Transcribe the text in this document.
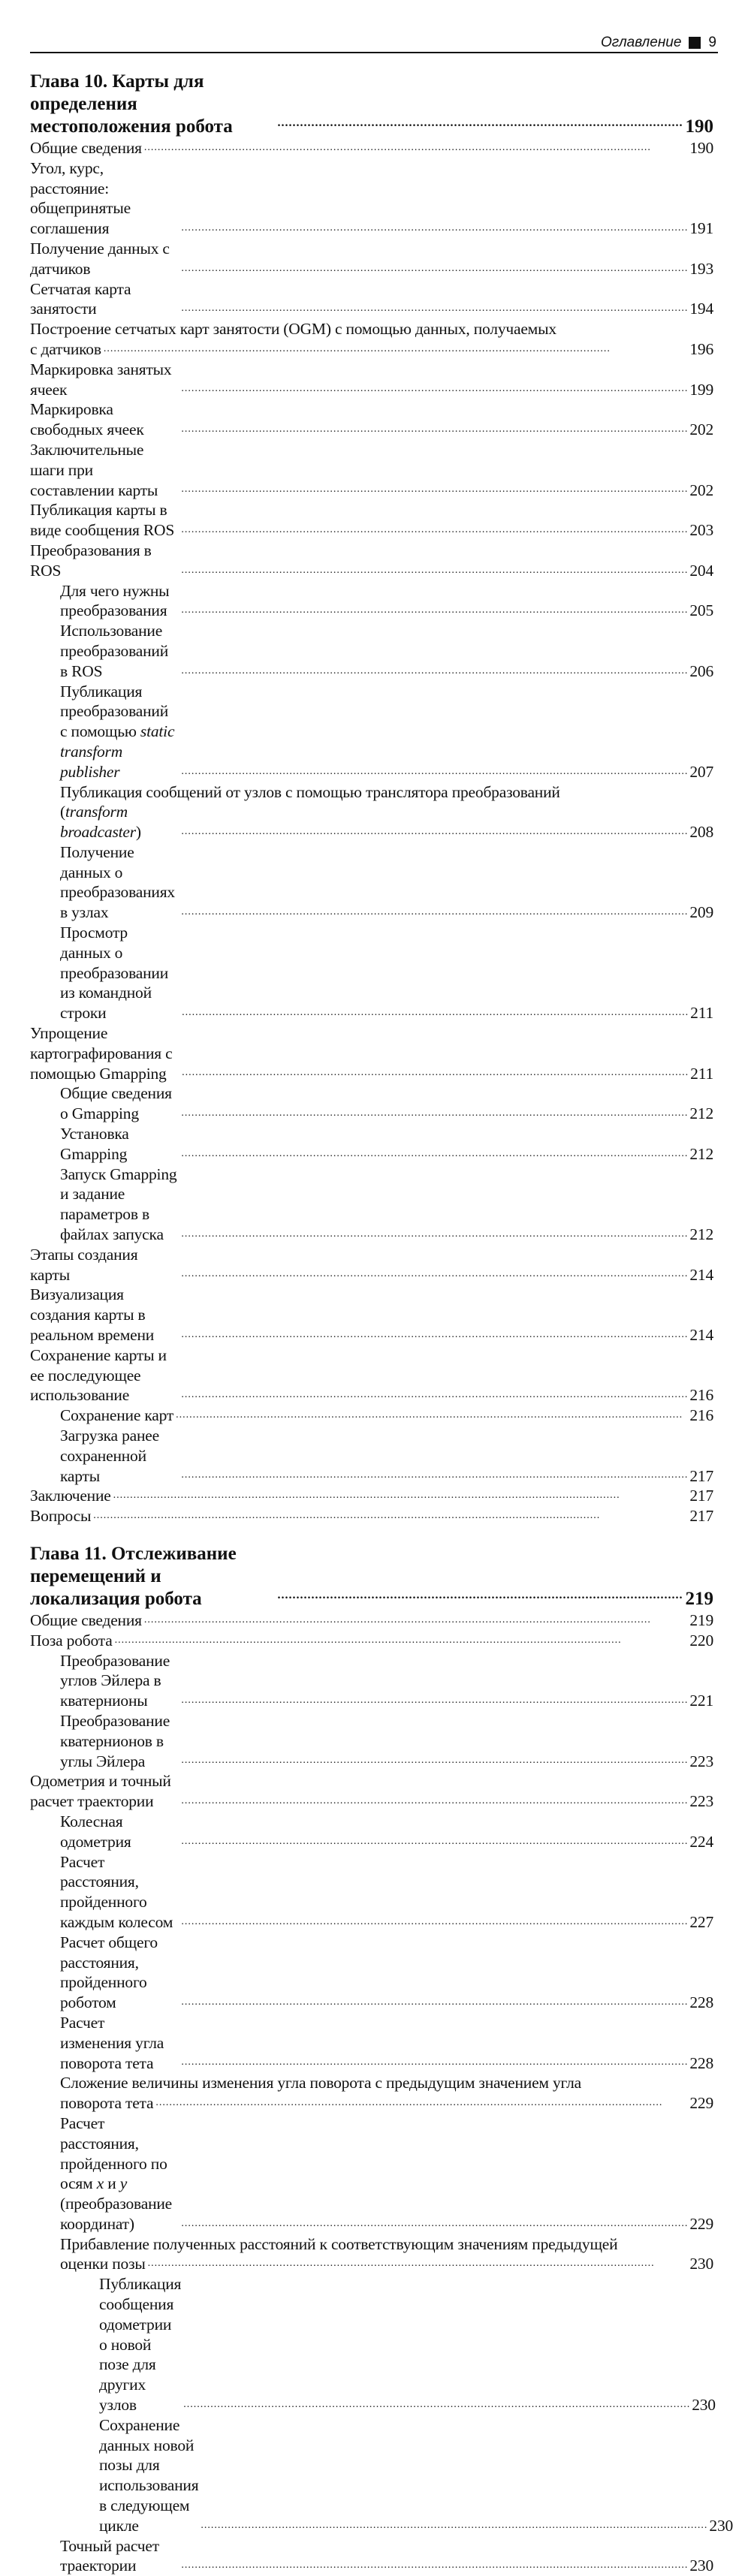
Оглавление 9
Глава 10. Карты для определения местоположения робота	............................................................................................................ 190
Общие сведения ......................................................................................................................................................	190
Угол, курс, расстояние: общепринятые соглашения	...................................................................................................................................................... 191
Получение данных с датчиков	...................................................................................................................................................... 193
Сетчатая карта занятости	...................................................................................................................................................... 194
Построение сетчатых карт занятости (OGM) с помощью данных, получаемых
с датчиков ......................................................................................................................................................	196
Маркировка занятых ячеек	...................................................................................................................................................... 199
Маркировка свободных ячеек	...................................................................................................................................................... 202
Заключительные шаги при составлении карты	...................................................................................................................................................... 202
Публикация карты в виде сообщения ROS ...................................................................................................................................................... 203
Преобразования в ROS	...................................................................................................................................................... 204
Для чего нужны преобразования	...................................................................................................................................................... 205
Использование преобразований в ROS	...................................................................................................................................................... 206
Публикация преобразований с помощью static transform publisher	...................................................................................................................................................... 207
Публикация сообщений от узлов с помощью транслятора преобразований
(transform broadcaster)	...................................................................................................................................................... 208
Получение данных о преобразованиях в узлах	...................................................................................................................................................... 209
Просмотр данных о преобразовании из командной строки	...................................................................................................................................................... 211
Упрощение картографирования с помощью Gmapping	...................................................................................................................................................... 211
Общие сведения о Gmapping	...................................................................................................................................................... 212
Установка Gmapping	...................................................................................................................................................... 212
Запуск Gmapping и задание параметров в файлах запуска	...................................................................................................................................................... 212
Этапы создания карты	...................................................................................................................................................... 214
Визуализация создания карты в реальном времени	...................................................................................................................................................... 214
Сохранение карты и ее последующее использование	...................................................................................................................................................... 216
Сохранение карт ...................................................................................................................................................... 216
Загрузка ранее сохраненной карты	...................................................................................................................................................... 217
Заключение ......................................................................................................................................................	217
Вопросы ......................................................................................................................................................	217
Глава 11. Отслеживание перемещений и локализация робота	............................................................................................................ 219
Общие сведения ......................................................................................................................................................	219
Поза робота ......................................................................................................................................................	220
Преобразование углов Эйлера в кватернионы	...................................................................................................................................................... 221
Преобразование кватернионов в углы Эйлера	...................................................................................................................................................... 223
Одометрия и точный расчет траектории	...................................................................................................................................................... 223
Колесная одометрия	...................................................................................................................................................... 224
Расчет расстояния, пройденного каждым колесом ...................................................................................................................................................... 227
Расчет общего расстояния, пройденного роботом	...................................................................................................................................................... 228
Расчет изменения угла поворота тета	...................................................................................................................................................... 228
Сложение величины изменения угла поворота с предыдущим значением угла
поворота тета ......................................................................................................................................................	229
Расчет расстояния, пройденного по осям x и y (преобразование координат)	...................................................................................................................................................... 229
Прибавление полученных расстояний к соответствующим значениям предыдущей
оценки позы ......................................................................................................................................................	230
Публикация сообщения одометрии о новой позе для других узлов	...................................................................................................................................................... 230
Сохранение данных новой позы для использования в следующем цикле	...................................................................................................................................................... 230
Точный расчет траектории	...................................................................................................................................................... 230
